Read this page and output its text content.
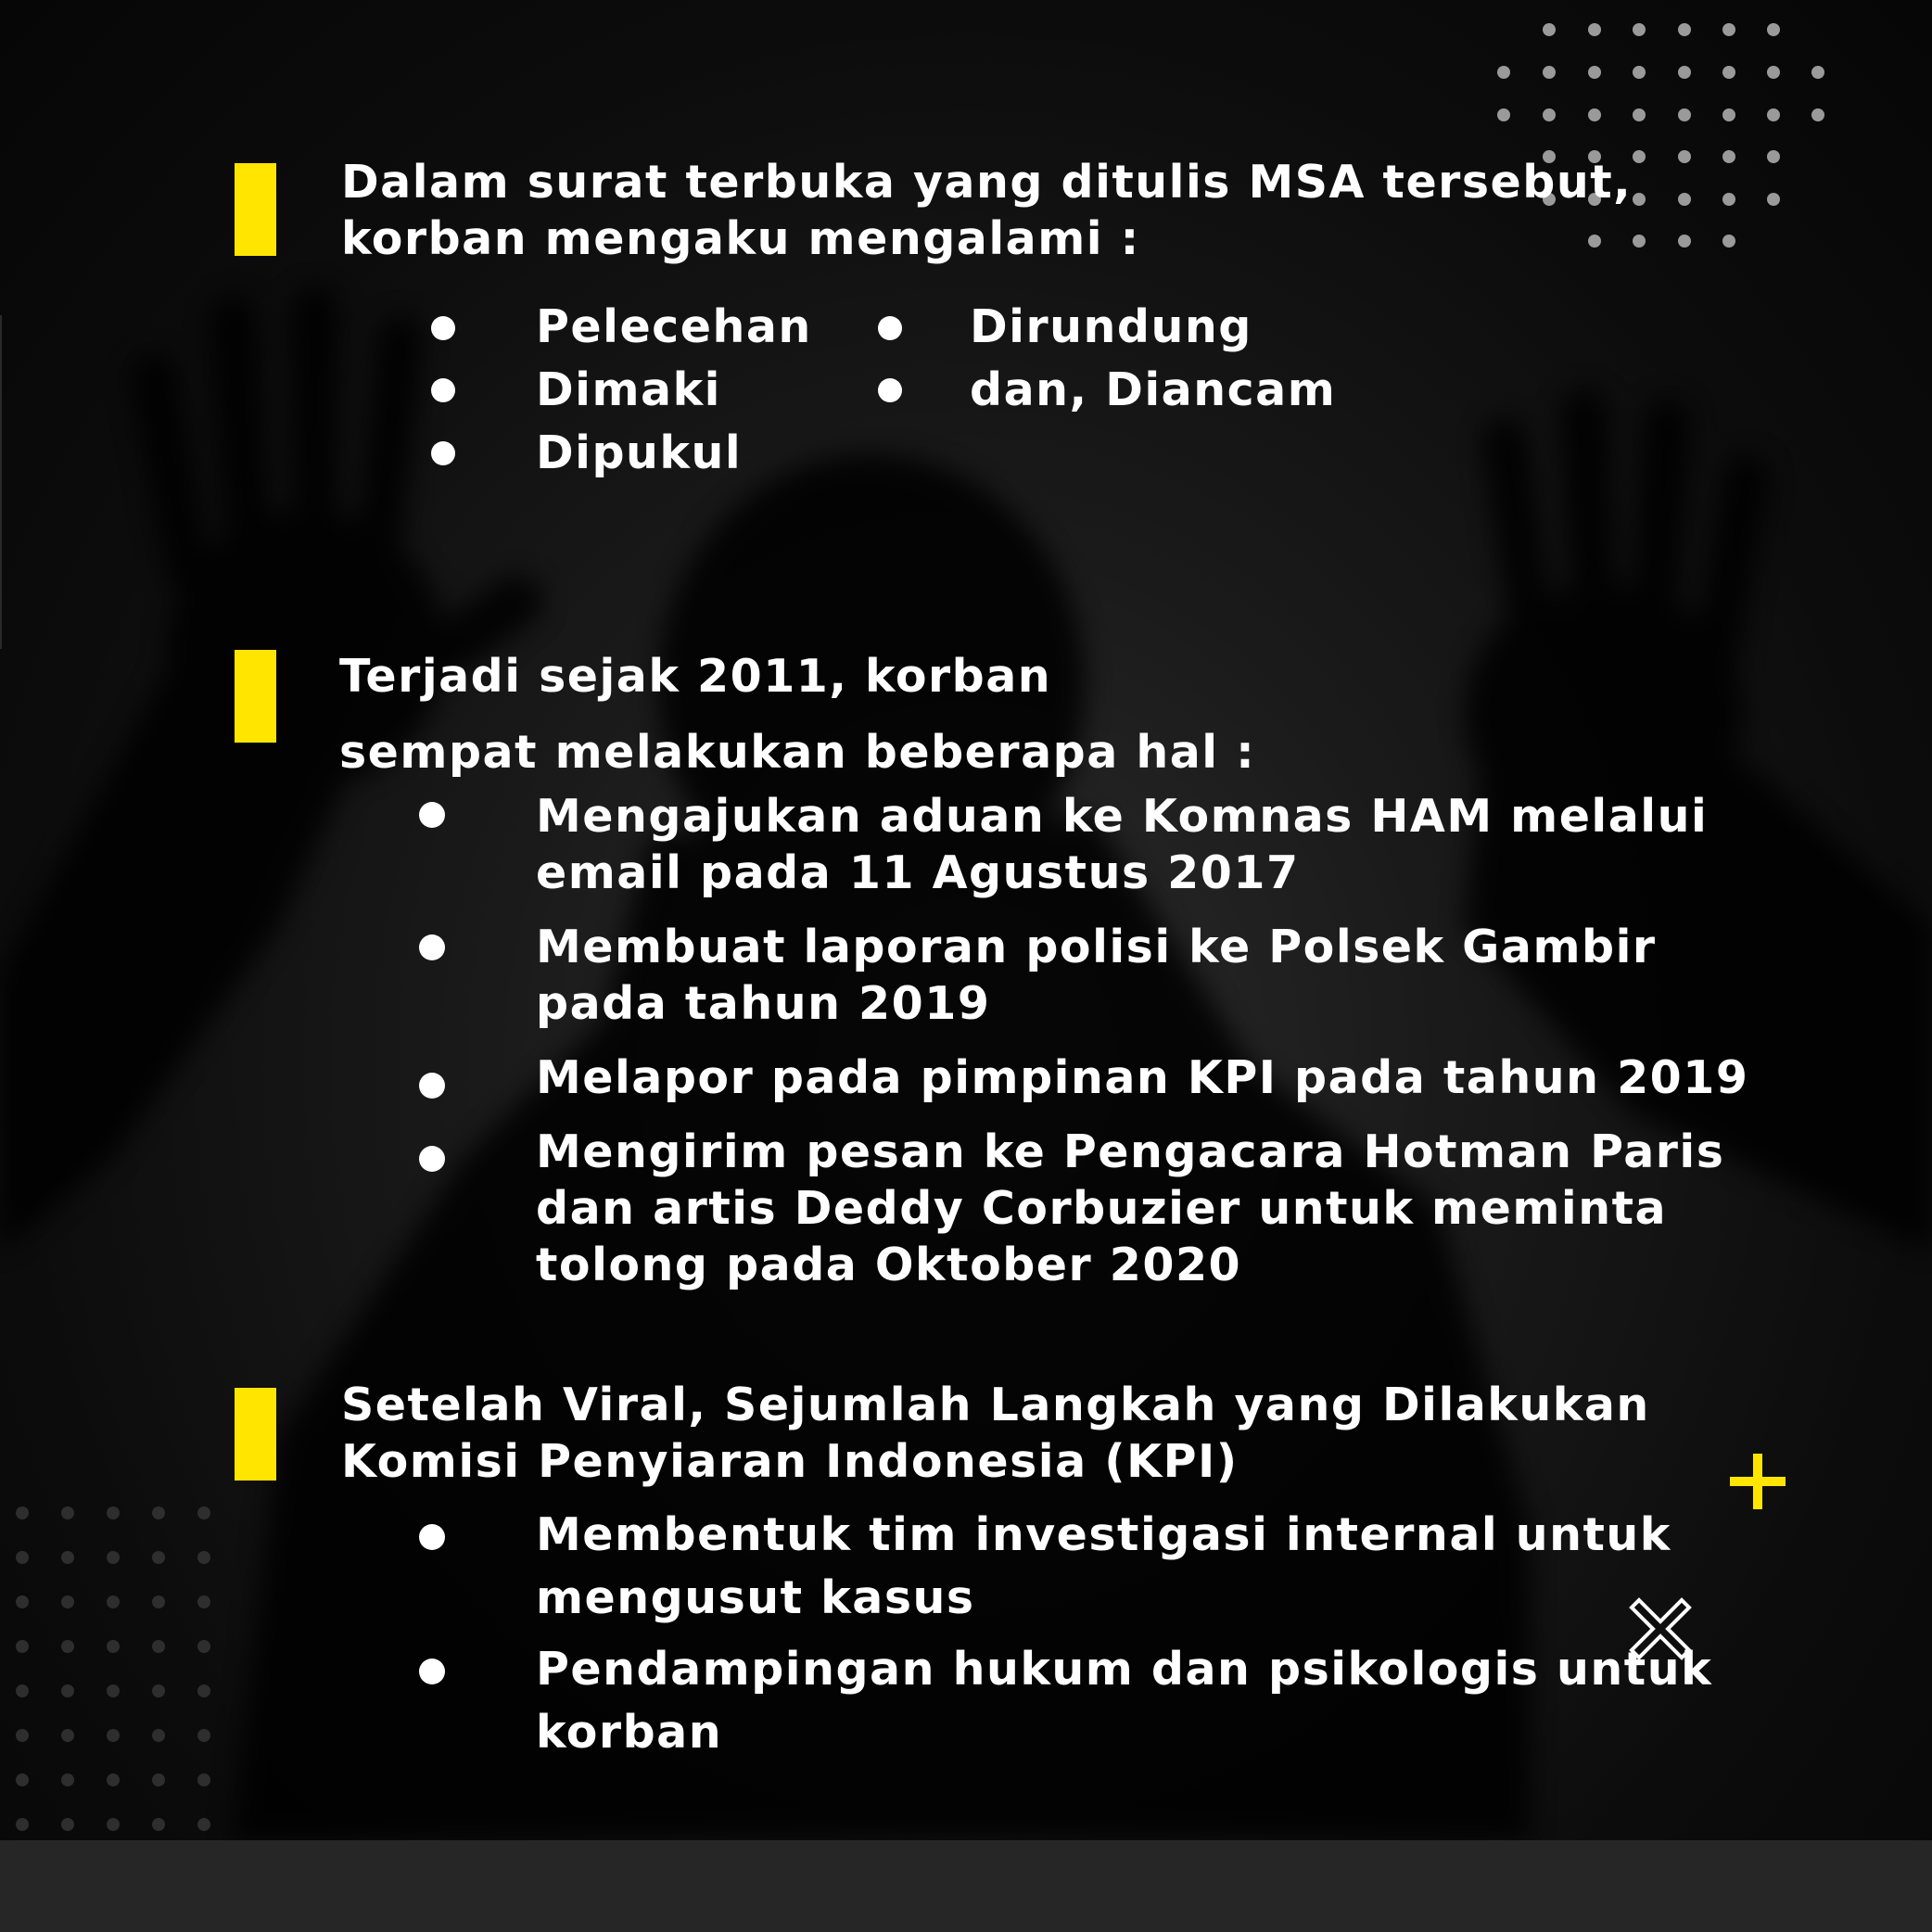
Dalam surat terbuka yang ditulis MSA tersebut,
korban mengaku mengalami :

Pelecehan

Dimaki

Dipukul

Dirundung

dan, Diancam

Terjadi sejak 2011, korban
sempat melakukan beberapa hal :

Mengajukan aduan ke Komnas HAM melalui
email pada 11 Agustus 2017

Membuat laporan polisi ke Polsek Gambir
pada tahun 2019

Melapor pada pimpinan KPI pada tahun 2019

Mengirim pesan ke Pengacara Hotman Paris
dan artis Deddy Corbuzier untuk meminta
tolong pada Oktober 2020

Setelah Viral, Sejumlah Langkah yang Dilakukan
Komisi Penyiaran Indonesia (KPI)

Membentuk tim investigasi internal untuk
mengusut kasus

Pendampingan hukum dan psikologis untuk
korban
